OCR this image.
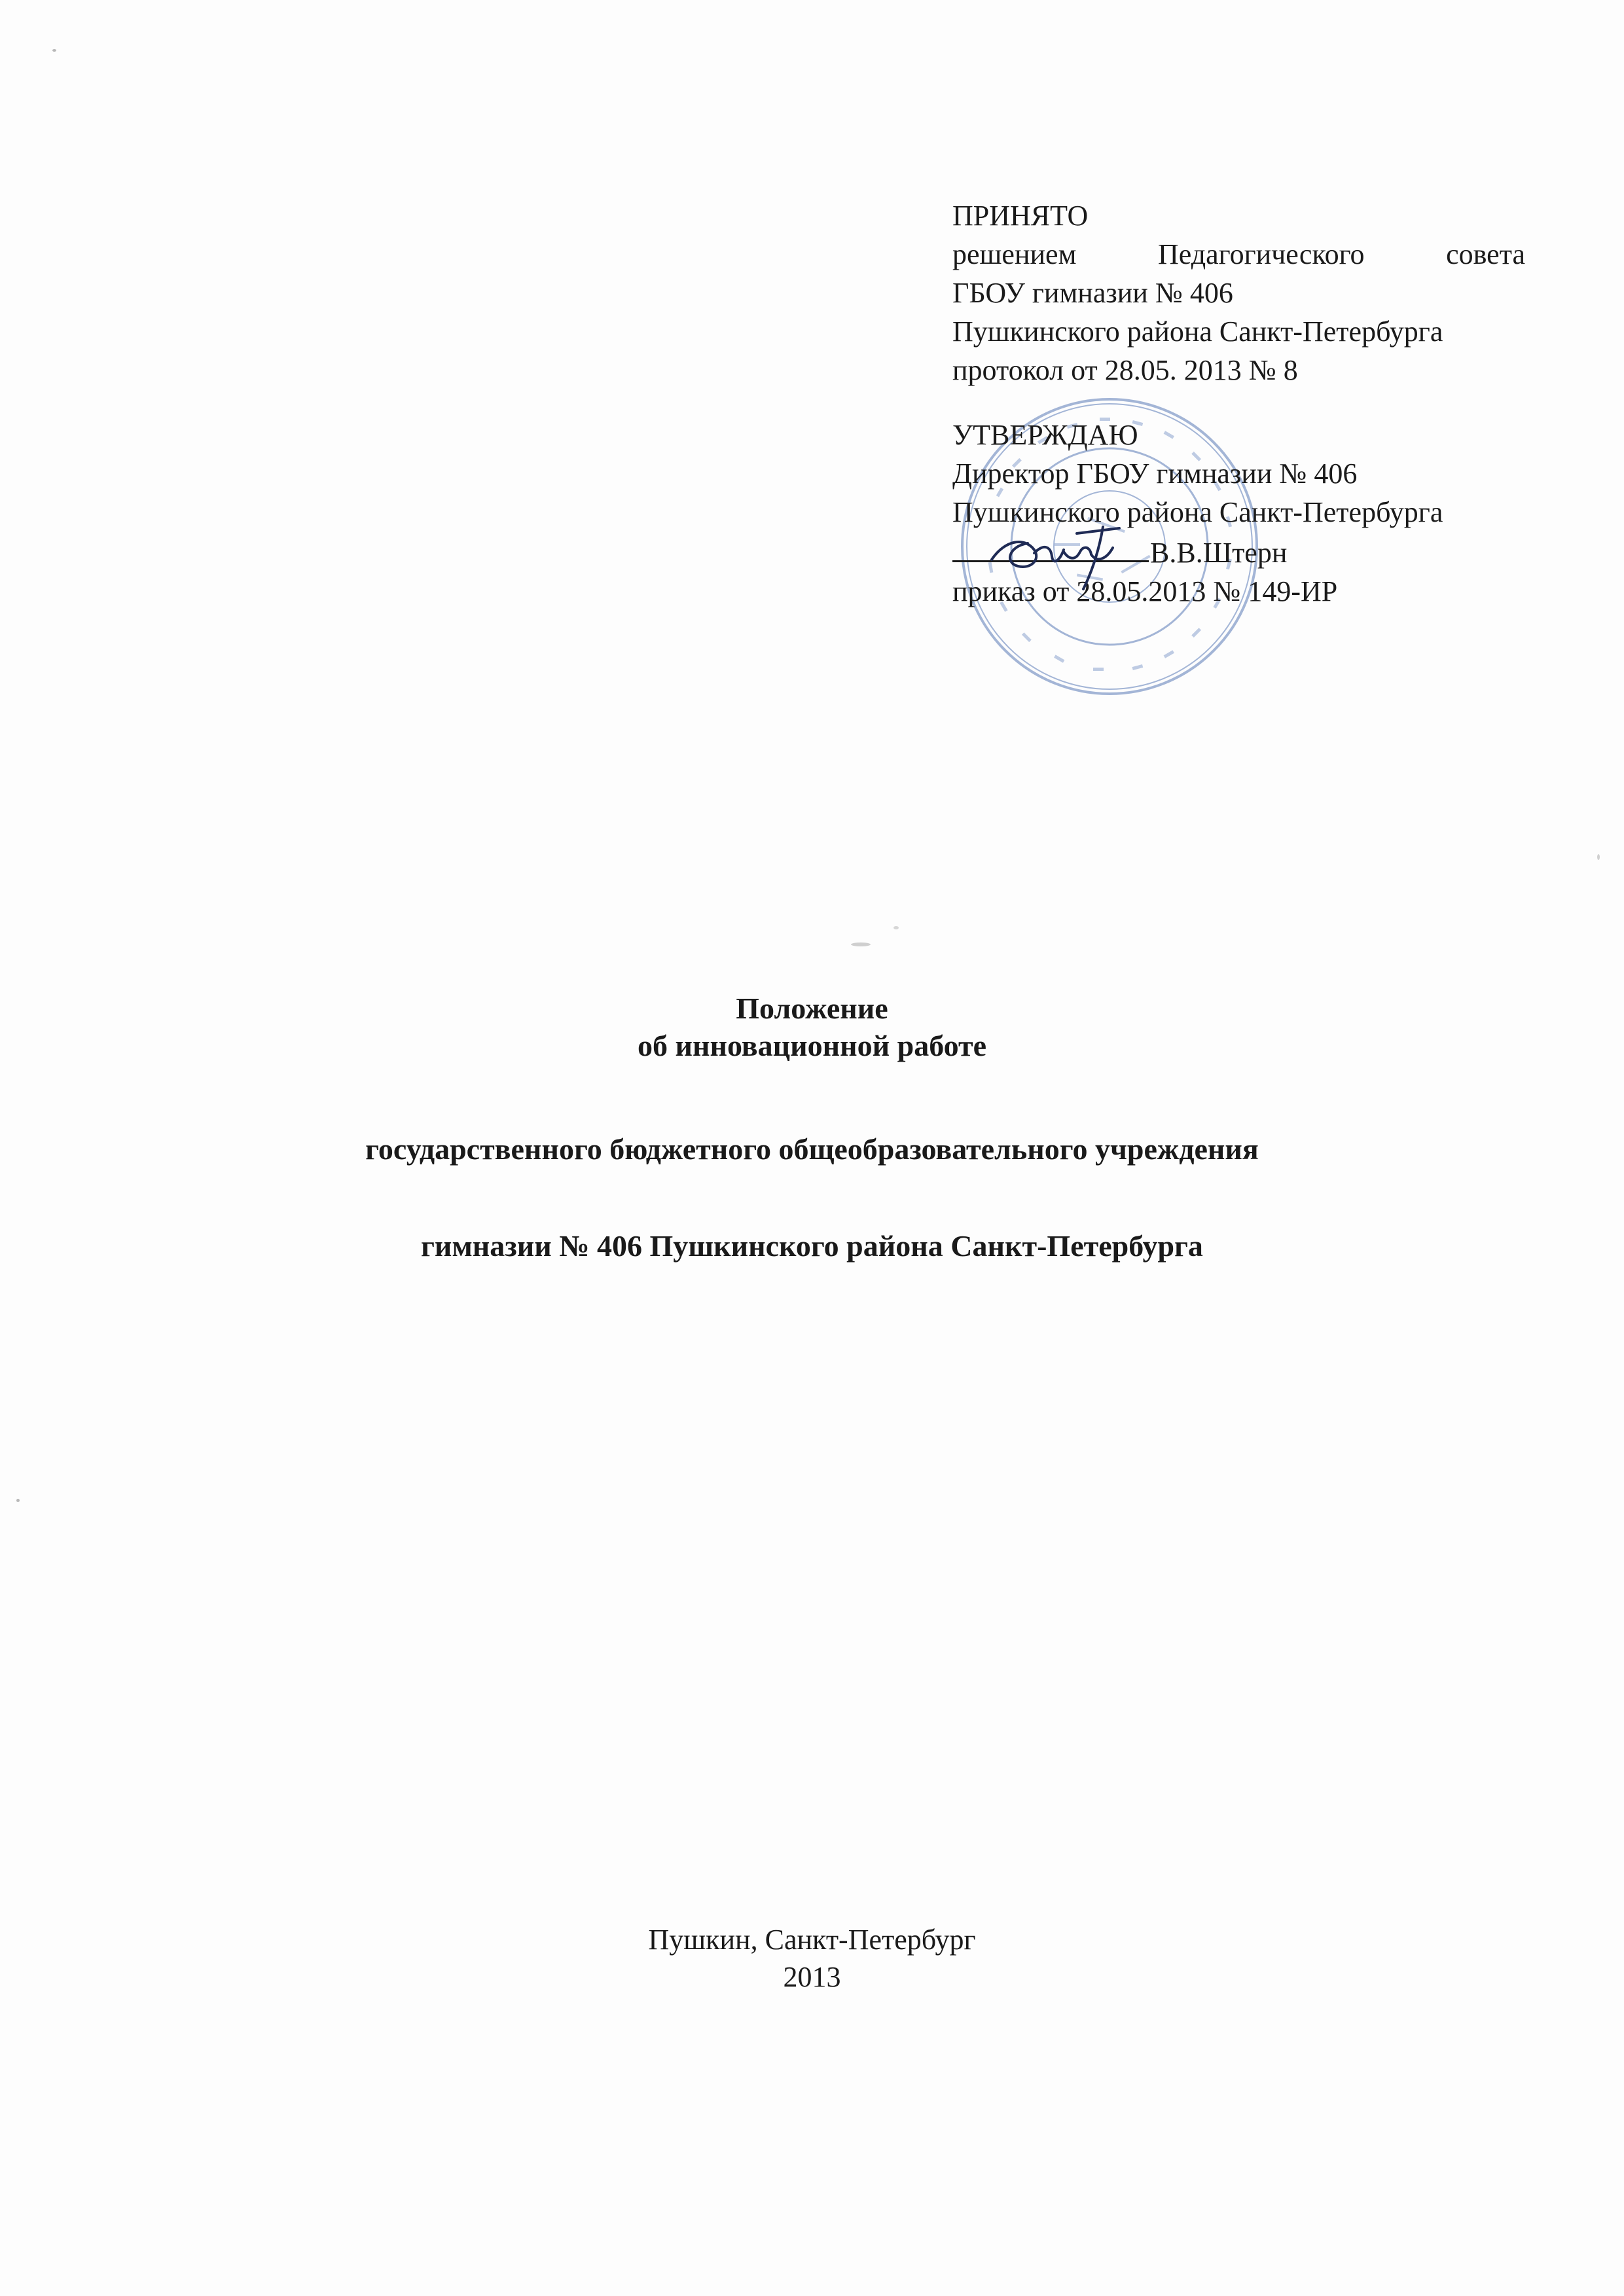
ПРИНЯТО
решением	Педагогического	совета
ГБОУ гимназии № 406
Пушкинского района Санкт-Петербурга
протокол от 28.05. 2013 № 8
УТВЕРЖДАЮ
Директор ГБОУ гимназии № 406
Пушкинского района Санкт-Петербурга
В.В.Штерн
приказ от 28.05.2013 № 149-ИР
Положение
об инновационной работе
государственного бюджетного общеобразовательного учреждения
гимназии № 406 Пушкинского района Санкт-Петербурга
Пушкин, Санкт-Петербург
2013
